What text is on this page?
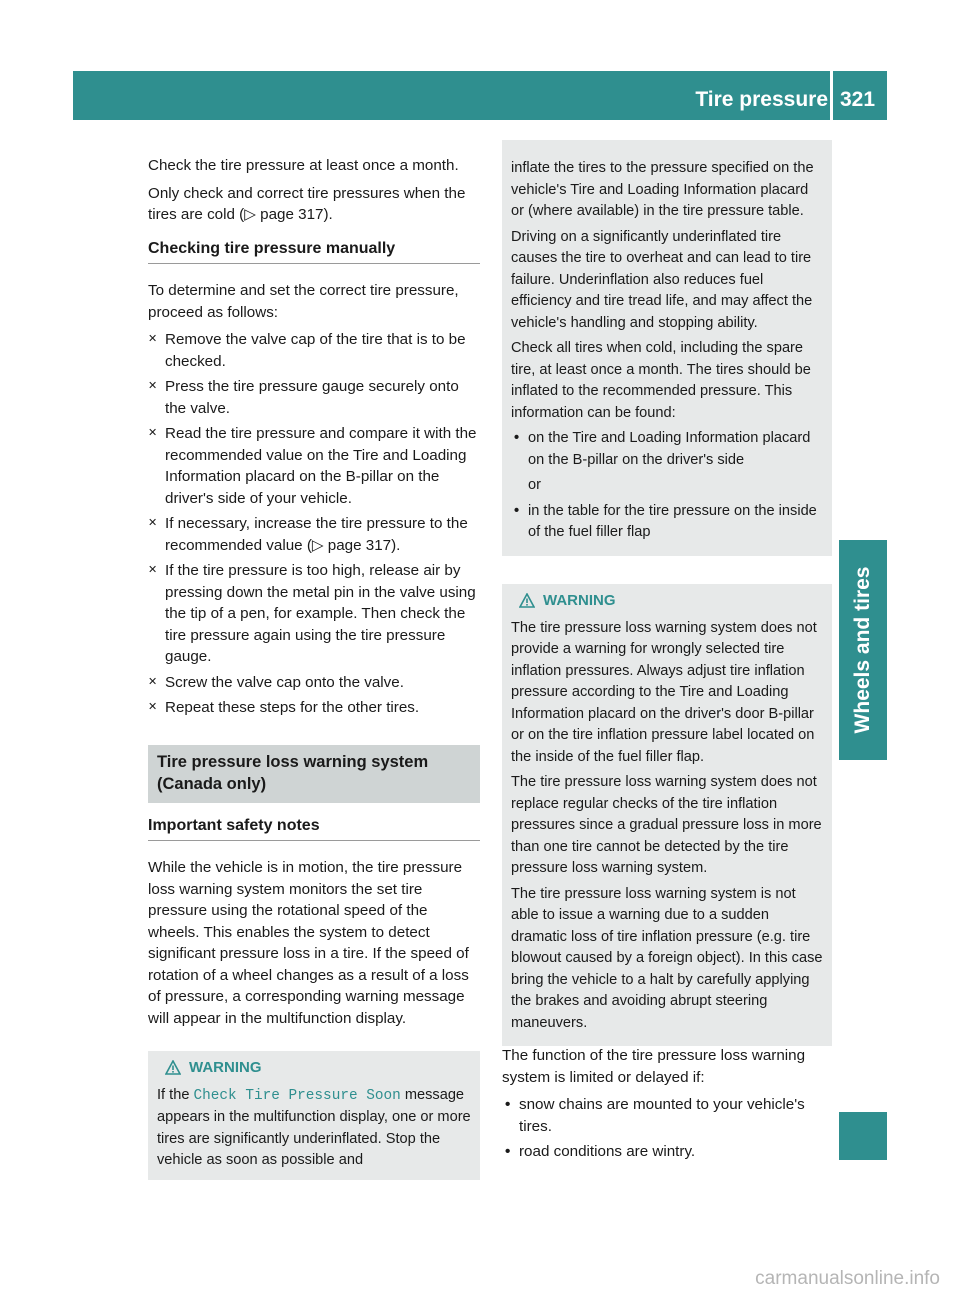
Tire pressure 321
Wheels and tires

Check the tire pressure at least once a month.

Only check and correct tire pressures when the tires are cold (▷ page 317).

Checking tire pressure manually

To determine and set the correct tire pressure, proceed as follows:

✕ Remove the valve cap of the tire that is to be checked.
✕ Press the tire pressure gauge securely onto the valve.
✕ Read the tire pressure and compare it with the recommended value on the Tire and Loading Information placard on the B-pillar on the driver's side of your vehicle.
✕ If necessary, increase the tire pressure to the recommended value (▷ page 317).
✕ If the tire pressure is too high, release air by pressing down the metal pin in the valve using the tip of a pen, for example. Then check the tire pressure again using the tire pressure gauge.
✕ Screw the valve cap onto the valve.
✕ Repeat these steps for the other tires.
Tire pressure loss warning system (Canada only)
Important safety notes

While the vehicle is in motion, the tire pressure loss warning system monitors the set tire pressure using the rotational speed of the wheels. This enables the system to detect significant pressure loss in a tire. If the speed of rotation of a wheel changes as a result of a loss of pressure, a corresponding warning message will appear in the multifunction display.

WARNING
If the Check Tire Pressure Soon message appears in the multifunction display, one or more tires are significantly underinflated. Stop the vehicle as soon as possible and

inflate the tires to the pressure specified on the vehicle's Tire and Loading Information placard or (where available) in the tire pressure table.

Driving on a significantly underinflated tire causes the tire to overheat and can lead to tire failure. Underinflation also reduces fuel efficiency and tire tread life, and may affect the vehicle's handling and stopping ability.

Check all tires when cold, including the spare tire, at least once a month. The tires should be inflated to the recommended pressure. This information can be found:

• on the Tire and Loading Information placard on the B-pillar on the driver's side
or
• in the table for the tire pressure on the inside of the fuel filler flap
WARNING

The tire pressure loss warning system does not provide a warning for wrongly selected tire inflation pressures. Always adjust tire inflation pressure according to the Tire and Loading Information placard on the driver's door B-pillar or on the tire inflation pressure label located on the inside of the fuel filler flap.

The tire pressure loss warning system does not replace regular checks of the tire inflation pressures since a gradual pressure loss in more than one tire cannot be detected by the tire pressure loss warning system.

The tire pressure loss warning system is not able to issue a warning due to a sudden dramatic loss of tire inflation pressure (e.g. tire blowout caused by a foreign object). In this case bring the vehicle to a halt by carefully applying the brakes and avoiding abrupt steering maneuvers.

The function of the tire pressure loss warning system is limited or delayed if:

• snow chains are mounted to your vehicle's tires.
• road conditions are wintry.
carmanualsonline.info
